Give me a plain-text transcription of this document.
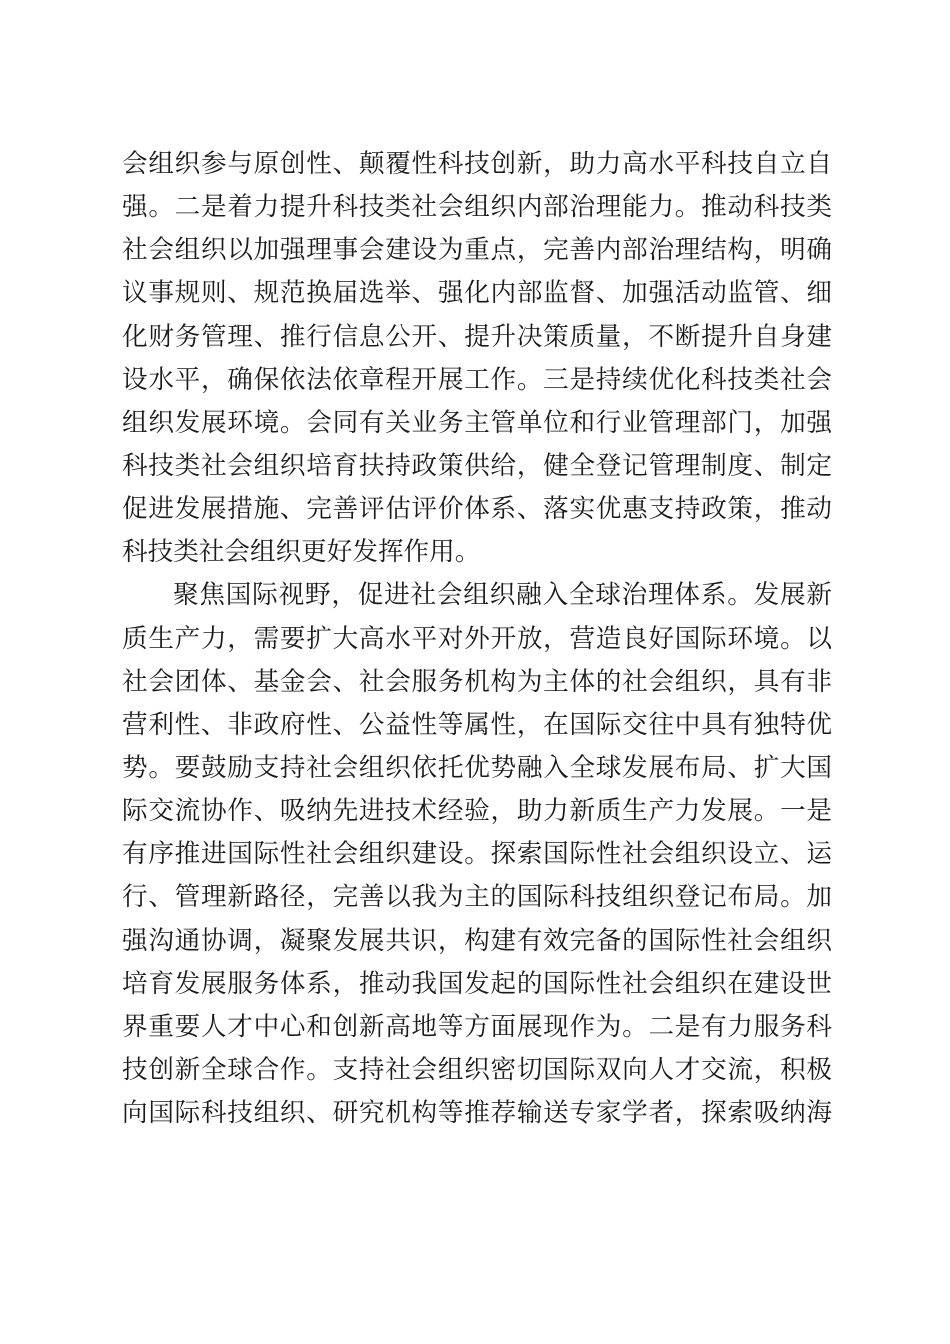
会组织参与原创性、颠覆性科技创新，助力高水平科技自立自
强。二是着力提升科技类社会组织内部治理能力。推动科技类
社会组织以加强理事会建设为重点，完善内部治理结构，明确
议事规则、规范换届选举、强化内部监督、加强活动监管、细
化财务管理、推行信息公开、提升决策质量，不断提升自身建
设水平，确保依法依章程开展工作。三是持续优化科技类社会
组织发展环境。会同有关业务主管单位和行业管理部门，加强
科技类社会组织培育扶持政策供给，健全登记管理制度、制定
促进发展措施、完善评估评价体系、落实优惠支持政策，推动
科技类社会组织更好发挥作用。
聚焦国际视野，促进社会组织融入全球治理体系。发展新
质生产力，需要扩大高水平对外开放，营造良好国际环境。以
社会团体、基金会、社会服务机构为主体的社会组织，具有非
营利性、非政府性、公益性等属性，在国际交往中具有独特优
势。要鼓励支持社会组织依托优势融入全球发展布局、扩大国
际交流协作、吸纳先进技术经验，助力新质生产力发展。一是
有序推进国际性社会组织建设。探索国际性社会组织设立、运
行、管理新路径，完善以我为主的国际科技组织登记布局。加
强沟通协调，凝聚发展共识，构建有效完备的国际性社会组织
培育发展服务体系，推动我国发起的国际性社会组织在建设世
界重要人才中心和创新高地等方面展现作为。二是有力服务科
技创新全球合作。支持社会组织密切国际双向人才交流，积极
向国际科技组织、研究机构等推荐输送专家学者，探索吸纳海
